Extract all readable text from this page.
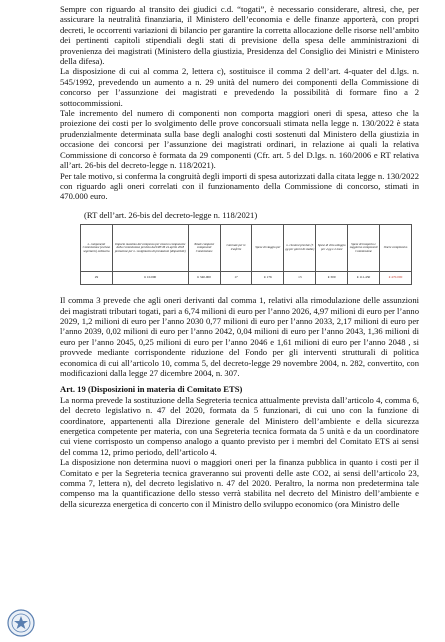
Sempre con riguardo al transito dei giudici c.d. “togati”, è necessario considerare, altresì, che, per assicurare la neutralità finanziaria, il Ministero dell’economia e delle finanze apporterà, con propri decreti, le occorrenti variazioni di bilancio per garantire la corretta allocazione delle risorse nell’ambito dei pertinenti capitoli stipendiali degli stati di previsione della spesa delle amministrazioni di provenienza dei magistrati (Ministero della giustizia, Presidenza del Consiglio dei Ministri e Ministero della difesa).

La disposizione di cui al comma 2, lettera c), sostituisce il comma 2 dell’art. 4-quater del d.lgs. n. 545/1992, prevedendo un aumento a n. 29 unità del numero dei componenti della Commissione di concorso per l’assunzione dei magistrati e prevedendo la possibilità di formare fino a 2 sottocommissioni.

Tale incremento del numero di componenti non comporta maggiori oneri di spesa, atteso che la proiezione dei costi per lo svolgimento delle prove concorsuali stimata nella legge n. 130/2022 è stata prudenzialmente determinata sulla base degli analoghi costi sostenuti dal Ministero della giustizia in occasione dei concorsi per l’assunzione dei magistrati ordinari, in relazione ai quali la relativa Commissione di concorso è formata da 29 componenti (Cfr. art. 5 del D.lgs. n. 160/2006 e RT relativa all’art. 26-bis del decreto-legge n. 118/2021).

Per tale motivo, si conferma la congruità degli importi di spesa autorizzati dalla citata legge n. 130/2022 con riguardo agli oneri correlati con il funzionamento della Commissione di concorso, stimati in 470.000 euro.

(RT dell’art. 26-bis del decreto-legge n. 118/2021)
n. componenti Commissione (escluso segretario) ordinaria	Importo massimo del compenso per ciascun componente della Commissione previsto dal DPCM 24 aprile 2018 proiezione per n. svolgimento di prestazioni (disponibile)	Totale compensi componenti Commissione	Giornate per le trasferte	Spese di viaggio per	n. riunioni previste (5 gg per giorni di studio)	Spese di vitto alloggio per 4 gg x 2 mesi	Spese di trasporto e soggiorno componenti Commissione	Onere complessivo
29	€ 10.000	€ 340.000	17	€ 176	13	€ 300	€ 111.450	€ 470.000

Il comma 3 prevede che agli oneri derivanti dal comma 1, relativi alla rimodulazione delle assunzioni dei magistrati tributari togati, pari a 6,74 milioni di euro per l’anno 2026, 4,97 milioni di euro per l’anno 2029, 1,2 milioni di euro per l’anno 2030 0,77 milioni di euro per l’anno 2033, 2,17 milioni di euro per l’anno 2039, 0,02 milioni di euro per l’anno 2042, 0,04 milioni di euro per l’anno 2043, 1,36 milioni di euro per l’anno 2045, 0,25 milioni di euro per l’anno 2046 e 1,61 milioni di euro per l’anno 2048 , si provvede mediante corrispondente riduzione del Fondo per gli interventi strutturali di politica economica di cui all’articolo 10, comma 5, del decreto-legge 29 novembre 2004, n. 282, convertito, con modificazioni dalla legge 27 dicembre 2004, n. 307.

Art. 19 (Disposizioni in materia di Comitato ETS)

La norma prevede la sostituzione della Segreteria tecnica attualmente prevista dall’articolo 4, comma 6, del decreto legislativo n. 47 del 2020, formata da 5 funzionari, di cui uno con la funzione di coordinatore, appartenenti alla Direzione generale del Ministero dell’ambiente e della sicurezza energetica competente per materia, con una Segreteria tecnica formata da 5 unità e da un coordinatore cui viene corrisposto un compenso analogo a quanto previsto per i membri del Comitato ETS ai sensi del comma 12, primo periodo, dell’articolo 4.

La disposizione non determina nuovi o maggiori oneri per la finanza pubblica in quanto i costi per il Comitato e per la Segreteria tecnica graveranno sui proventi delle aste CO2, ai sensi dell’articolo 23, comma 7, lettera n), del decreto legislativo n. 47 del 2020. Peraltro, la norma non predetermina tale compenso ma la quantificazione dello stesso verrà stabilita nel decreto del Ministro dell’ambiente e della sicurezza energetica di concerto con il Ministro dello sviluppo economico (ora Ministro delle
